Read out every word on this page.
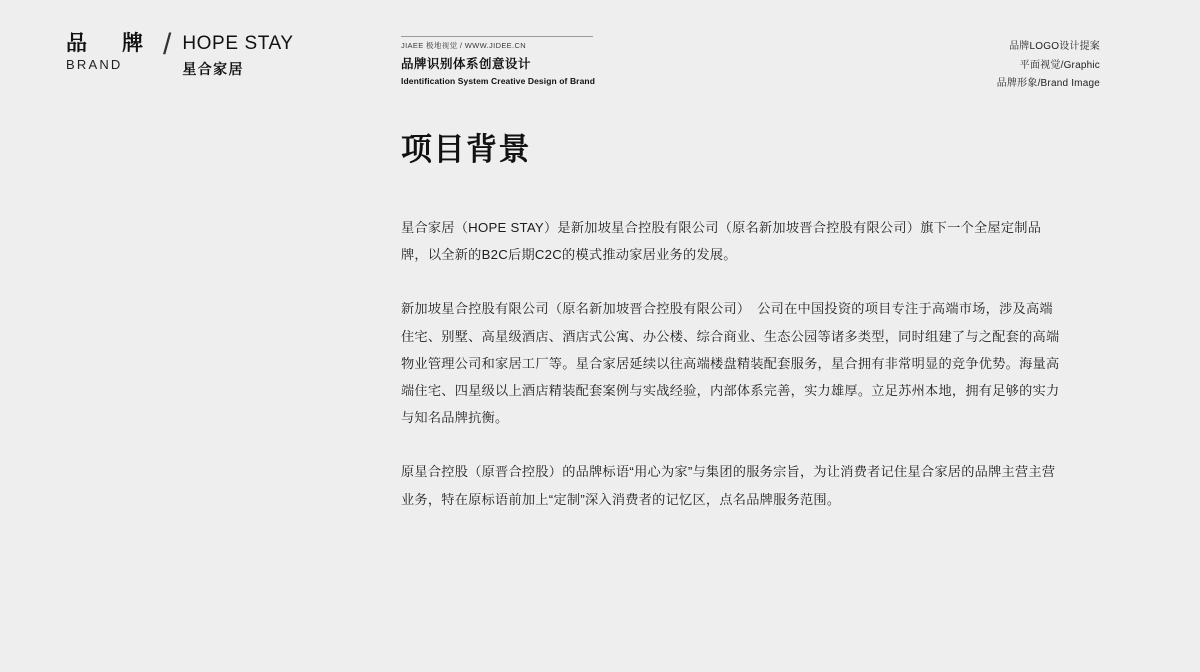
品　牌
BRAND
/ HOPE STAY
星合家居
JIAEE 极地视觉 / WWW.JIDEE.CN
品牌识别体系创意设计
Identification System Creative Design of Brand
品牌LOGO设计提案
平面视觉/Graphic
品牌形象/Brand Image
项目背景

星合家居（HOPE STAY）是新加坡星合控股有限公司（原名新加坡晋合控股有限公司）旗下一个全屋定制品牌，以全新的B2C后期C2C的模式推动家居业务的发展。

新加坡星合控股有限公司（原名新加坡晋合控股有限公司）　公司在中国投资的项目专注于高端市场，涉及高端住宅、别墅、高星级酒店、酒店式公寓、办公楼、综合商业、生态公园等诸多类型，同时组建了与之配套的高端物业管理公司和家居工厂等。星合家居延续以往高端楼盘精装配套服务，星合拥有非常明显的竞争优势。海量高端住宅、四星级以上酒店精装配套案例与实战经验，内部体系完善，实力雄厚。立足苏州本地，拥有足够的实力与知名品牌抗衡。

原星合控股（原晋合控股）的品牌标语“用心为家”与集团的服务宗旨，为让消费者记住星合家居的品牌主营主营业务，特在原标语前加上“定制”深入消费者的记忆区，点名品牌服务范围。
